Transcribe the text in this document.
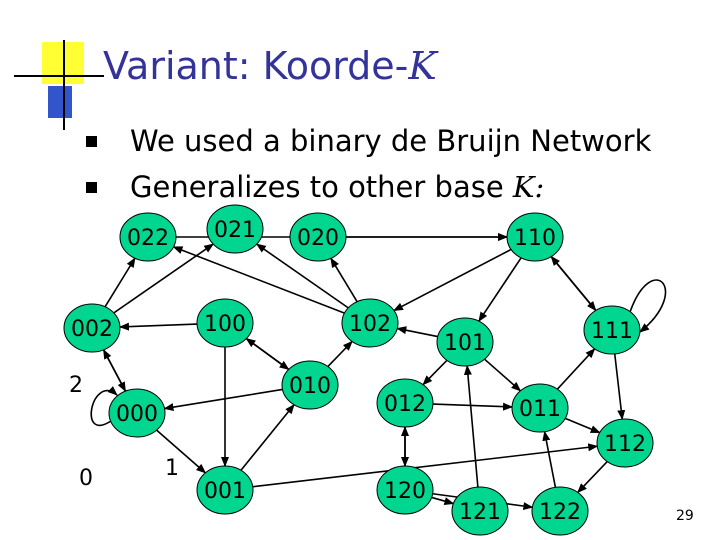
Variant: Koorde-K
We used a binary de Bruijn Network
Generalizes to other base K:
022 021 020	110
002	100	102
101	111
010
012	011
000
112
001	120
121 122
2
0	1
29
